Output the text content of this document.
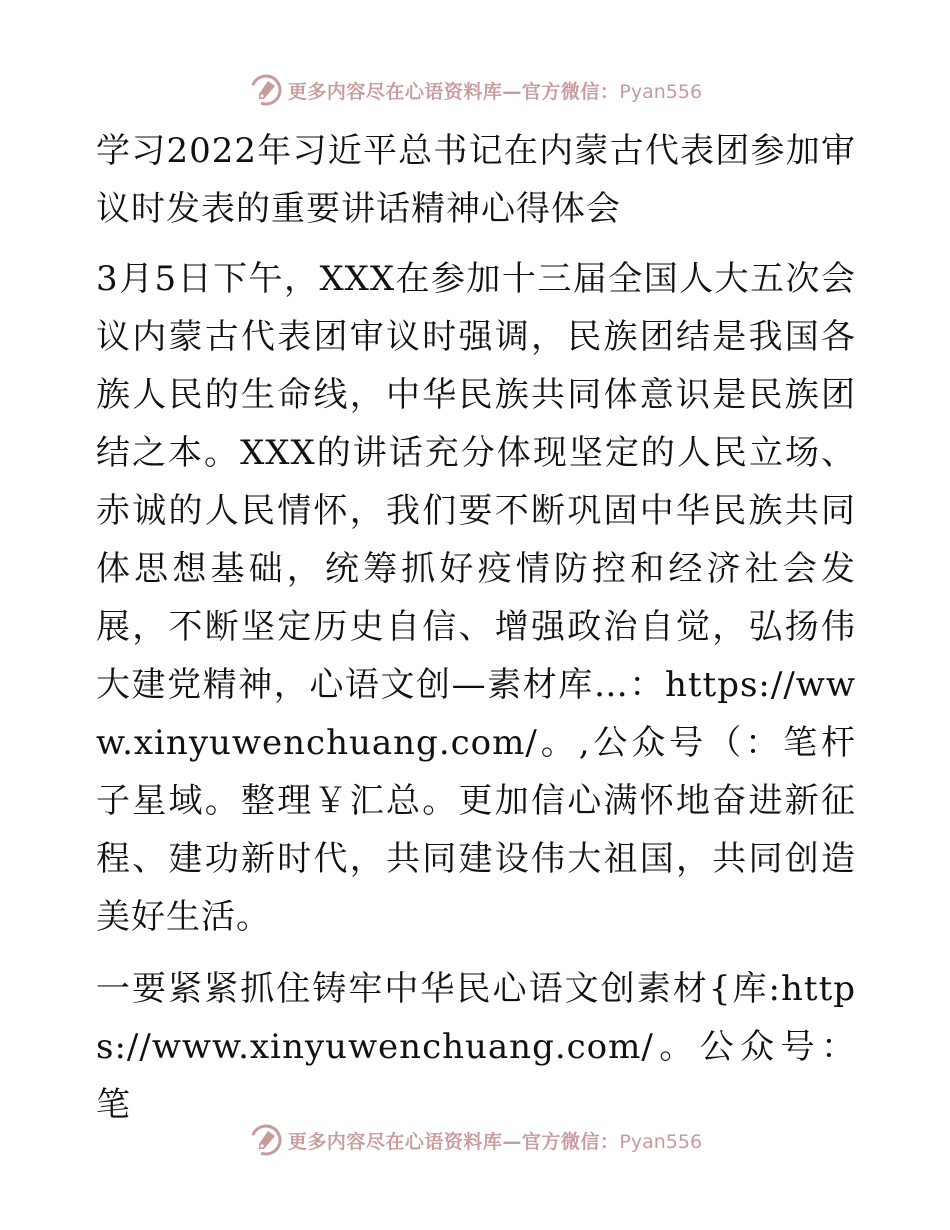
更多内容尽在心语资料库—官方微信：Pyan556

学习2022年习近平总书记在内蒙古代表团参加审议时发表的重要讲话精神心得体会

3月5日下午，XXX在参加十三届全国人大五次会议内蒙古代表团审议时强调，民族团结是我国各族人民的生命线，中华民族共同体意识是民族团结之本。XXX的讲话充分体现坚定的人民立场、赤诚的人民情怀，我们要不断巩固中华民族共同体思想基础，统筹抓好疫情防控和经济社会发展，不断坚定历史自信、增强政治自觉，弘扬伟大建党精神，心语文创—素材库…：https://www.xinyuwenchuang.com/。,公众号（：笔杆子星域。整理￥汇总。更加信心满怀地奋进新征程、建功新时代，共同建设伟大祖国，共同创造美好生活。

一要紧紧抓住铸牢中华民心语文创素材{库:https://www.xinyuwenchuang.com/。公众号：笔

更多内容尽在心语资料库—官方微信：Pyan556
